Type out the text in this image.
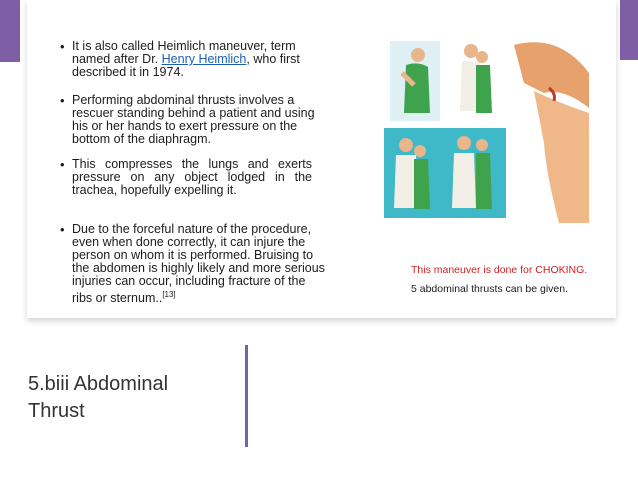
• It is also called Heimlich maneuver, term named after Dr. Henry Heimlich, who first described it in 1974.
• Performing abdominal thrusts involves a rescuer standing behind a patient and using his or her hands to exert pressure on the bottom of the diaphragm.
• This compresses the lungs and exerts pressure on any object lodged in the trachea, hopefully expelling it.
• Due to the forceful nature of the procedure, even when done correctly, it can injure the person on whom it is performed. Bruising to the abdomen is highly likely and more serious injuries can occur, including fracture of the ribs or sternum..[13]
This maneuver is done for CHOKING.
5 abdominal thrusts can be given.
5.biii Abdominal
Thrust
